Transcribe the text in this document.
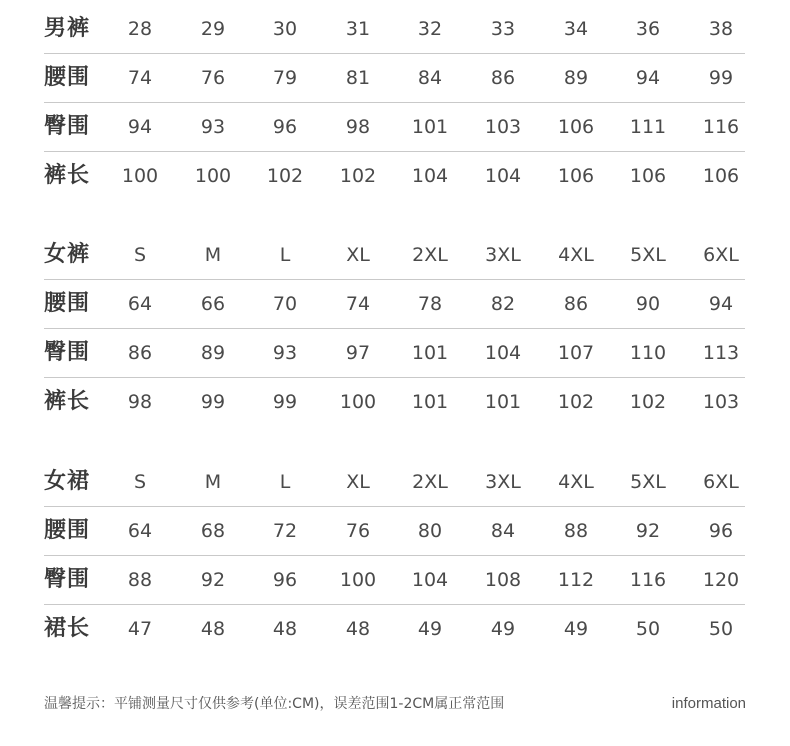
男裤	28	29	30	31	32	33	34	36	38
腰围	74	76	79	81	84	86	89	94	99
臀围	94	93	96	98	101	103	106	111	116
裤长	100	100	102	102	104	104	106	106	106
女裤	S	M	L	XL	2XL	3XL	4XL	5XL	6XL
腰围	64	66	70	74	78	82	86	90	94
臀围	86	89	93	97	101	104	107	110	113
裤长	98	99	99	100	101	101	102	102	103
女裙	S	M	L	XL	2XL	3XL	4XL	5XL	6XL
腰围	64	68	72	76	80	84	88	92	96
臀围	88	92	96	100	104	108	112	116	120
裙长	47	48	48	48	49	49	49	50	50
温馨提示：平铺测量尺寸仅供参考(单位:CM)，误差范围1-2CM属正常范围	information
